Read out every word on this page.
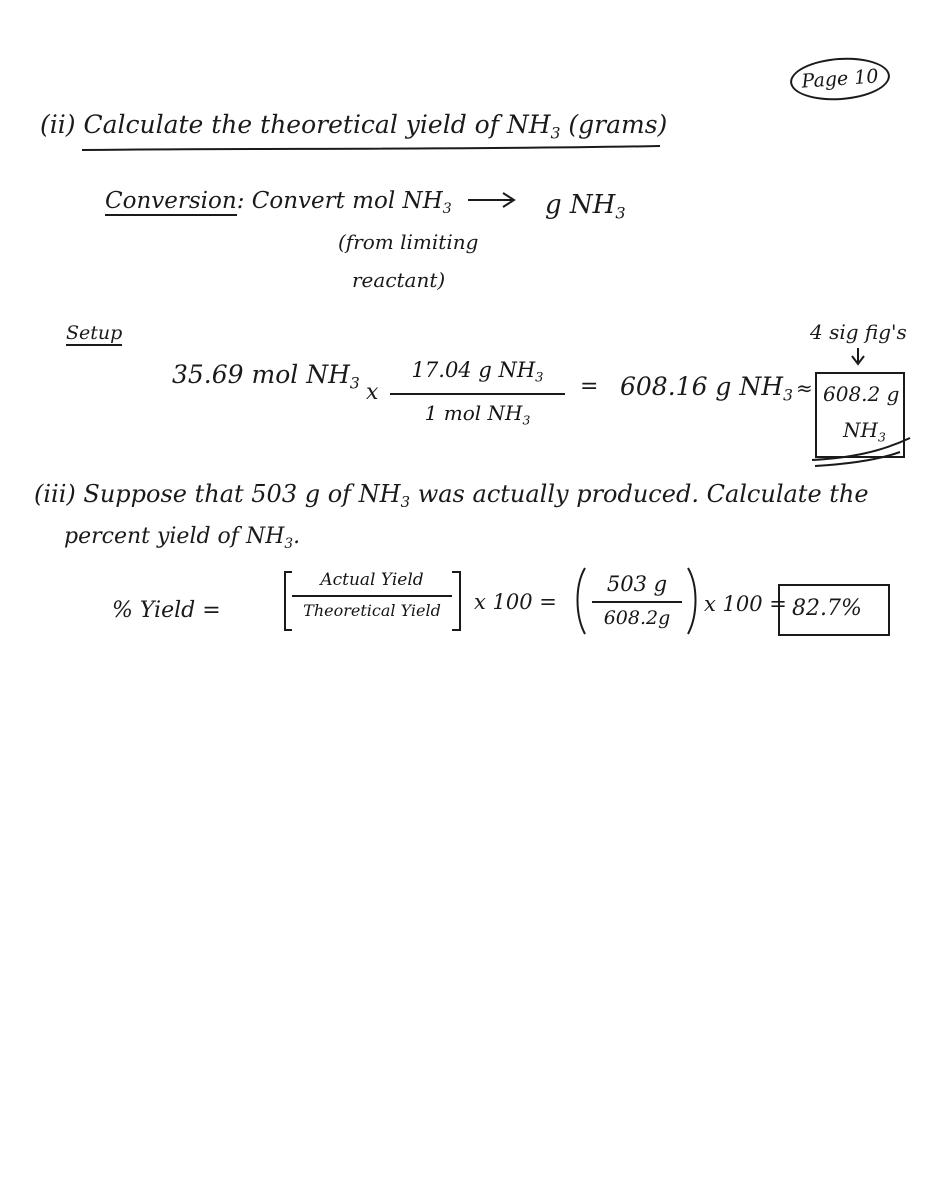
Page 10
(ii) Calculate the theoretical yield of $NH_3$ (grams)
Conversion: Convert mol $NH_3$	g $NH_3$
(from limiting
reactant)
Setup	4 sig fig's
35.69 mol $NH_3$ x
17.04 g $NH_3$
1 mol $NH_3$
= 608.16 g $NH_3 \approx 608.2$ g
$NH_3$
(iii) Suppose that 503 g of $NH_3$ was actually produced. Calculate the
percent yield of $NH_3$.
% Yield =
Actual Yield
Theoretical Yield x 100 =
503 g
608.2g
x 100 = 82.7%
